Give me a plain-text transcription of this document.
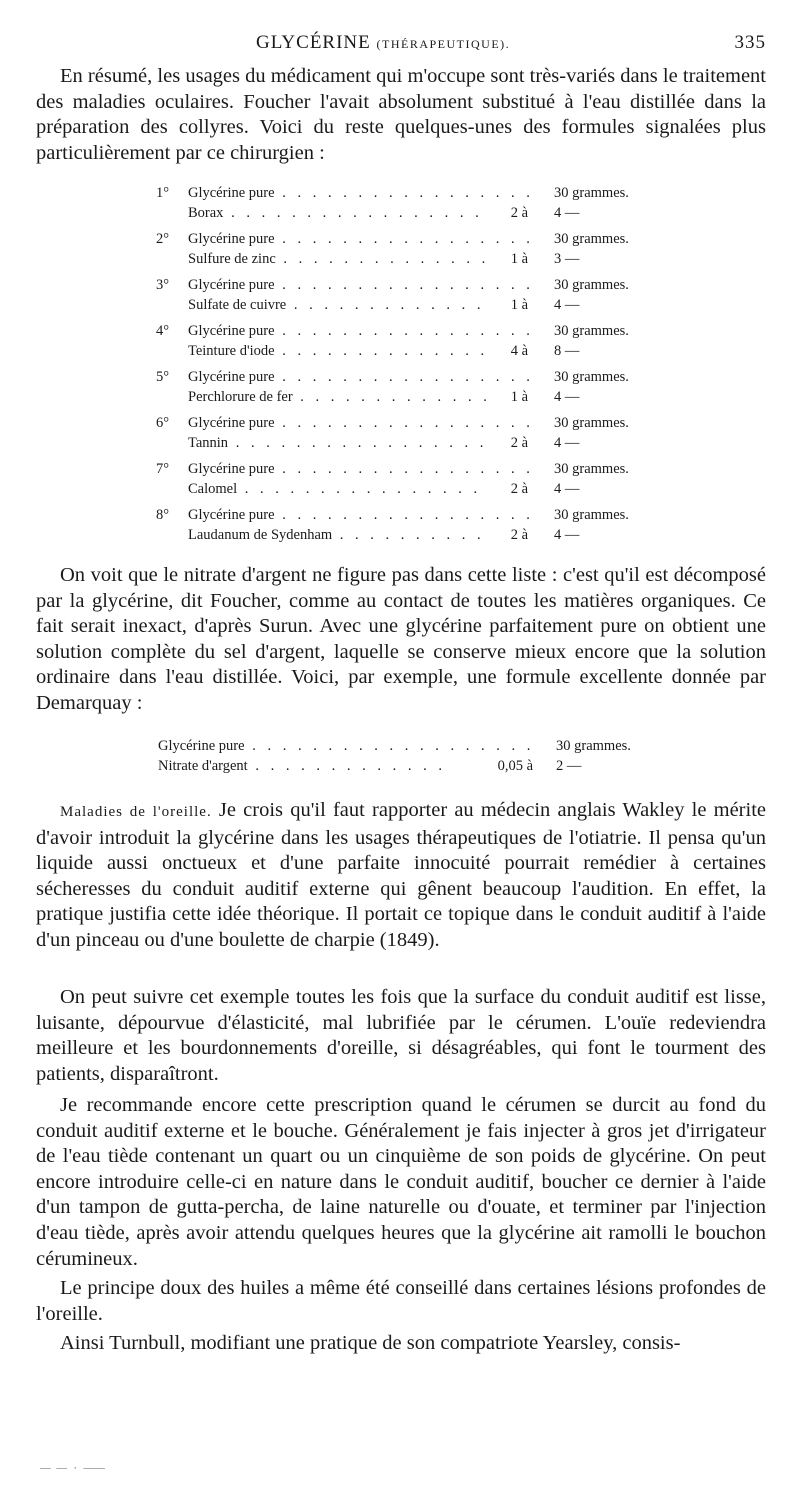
GLYCÉRINE (THÉRAPEUTIQUE).	335

En résumé, les usages du médicament qui m'occupe sont très-variés dans le traitement des maladies oculaires. Foucher l'avait absolument substitué à l'eau distillée dans la préparation des collyres. Voici du reste quelques-unes des formules signalées plus particulièrement par ce chirurgien :

1° Glycérine pure . . . . . . . . . . . . . . . . . 30 grammes.
Borax . . . . . . . . . . . . . . . . .	2 à 4 —
2° Glycérine pure . . . . . . . . . . . . . . . . . 30 grammes.
Sulfure de zinc . . . . . . . . . . . . . .	1 à 3 —
3° Glycérine pure . . . . . . . . . . . . . . . . . 30 grammes.
Sulfate de cuivre . . . . . . . . . . . . .	1 à 4 —
4° Glycérine pure . . . . . . . . . . . . . . . . . 30 grammes.
Teinture d'iode . . . . . . . . . . . . . .	4 à 8 —
5° Glycérine pure . . . . . . . . . . . . . . . . . 30 grammes.
Perchlorure de fer . . . . . . . . . . . . .	1 à 4 —
6° Glycérine pure . . . . . . . . . . . . . . . . . 30 grammes.
Tannin . . . . . . . . . . . . . . . . .	2 à 4 —
7° Glycérine pure . . . . . . . . . . . . . . . . . 30 grammes.
Calomel . . . . . . . . . . . . . . . .	2 à 4 —
8° Glycérine pure . . . . . . . . . . . . . . . . . 30 grammes.
Laudanum de Sydenham . . . . . . . . . .	2 à 4 —

On voit que le nitrate d'argent ne figure pas dans cette liste : c'est qu'il est décomposé par la glycérine, dit Foucher, comme au contact de toutes les matières organiques. Ce fait serait inexact, d'après Surun. Avec une glycérine parfaitement pure on obtient une solution complète du sel d'argent, laquelle se conserve mieux encore que la solution ordinaire dans l'eau distillée. Voici, par exemple, une formule excellente donnée par Demarquay :

Glycérine pure . . . . . . . . . . . . . . . . . . . 30 grammes.
Nitrate d'argent . . . . . . . . . . . . .	0,05 à 2 —

Maladies de l'oreille. Je crois qu'il faut rapporter au médecin anglais Wakley le mérite d'avoir introduit la glycérine dans les usages thérapeutiques de l'otiatrie. Il pensa qu'un liquide aussi onctueux et d'une parfaite innocuité pourrait remédier à certaines sécheresses du conduit auditif externe qui gênent beaucoup l'audition. En effet, la pratique justifia cette idée théorique. Il portait ce topique dans le conduit auditif à l'aide d'un pinceau ou d'une boulette de charpie (1849).

On peut suivre cet exemple toutes les fois que la surface du conduit auditif est lisse, luisante, dépourvue d'élasticité, mal lubrifiée par le cérumen. L'ouïe redeviendra meilleure et les bourdonnements d'oreille, si désagréables, qui font le tourment des patients, disparaîtront.

Je recommande encore cette prescription quand le cérumen se durcit au fond du conduit auditif externe et le bouche. Généralement je fais injecter à gros jet d'irrigateur de l'eau tiède contenant un quart ou un cinquième de son poids de glycérine. On peut encore introduire celle-ci en nature dans le conduit auditif, boucher ce dernier à l'aide d'un tampon de gutta-percha, de laine naturelle ou d'ouate, et terminer par l'injection d'eau tiède, après avoir attendu quelques heures que la glycérine ait ramolli le bouchon cérumineux.

Le principe doux des huiles a même été conseillé dans certaines lésions profondes de l'oreille.

Ainsi Turnbull, modifiant une pratique de son compatriote Yearsley, consis-

—— —— · ————
